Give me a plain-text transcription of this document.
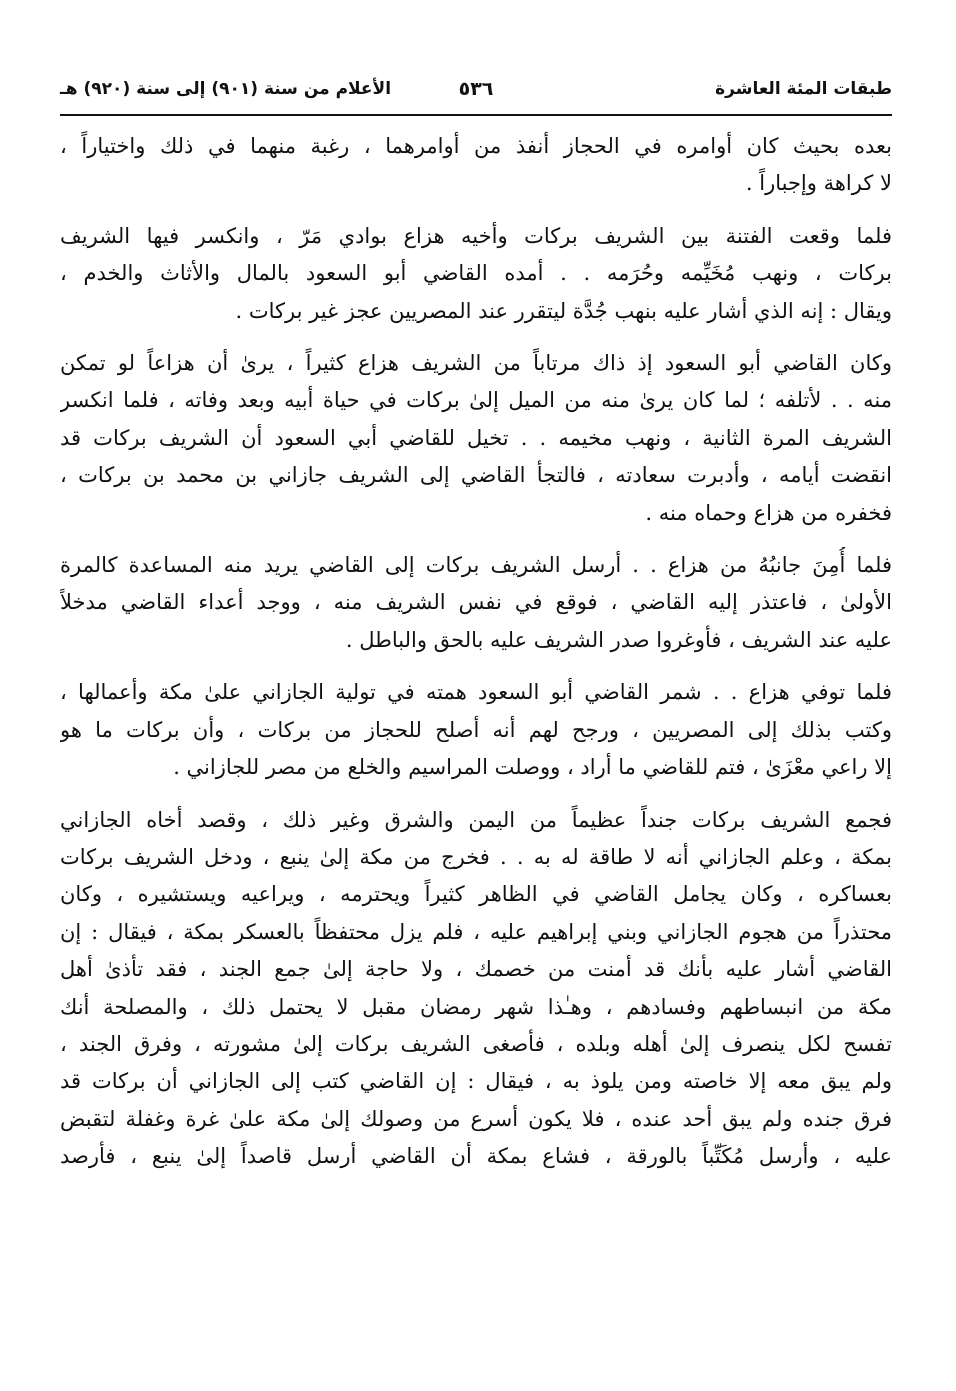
طبقات المئة العاشرة
٥٣٦
الأعلام من سنة (٩٠١) إلى سنة (٩٢٠) هـ
بعده بحيث كان أوامره في الحجاز أنفذ من أوامرهما ، رغبة منهما في ذلك واختياراً ،
لا كراهة وإجباراً .
فلما وقعت الفتنة بين الشريف بركات وأخيه هزاع بوادي مَرّ ، وانكسر فيها الشريف
بركات ، ونهب مُخَيِّمه وحُرَمه . . أمده القاضي أبو السعود بالمال والأثاث والخدم ،
ويقال : إنه الذي أشار عليه بنهب جُدَّة ليتقرر عند المصريين عجز غير بركات .
وكان القاضي أبو السعود إذ ذاك مرتاباً من الشريف هزاع كثيراً ، يرىٰ أن هزاعاً لو تمكن
منه . . لأتلفه ؛ لما كان يرىٰ منه من الميل إلىٰ بركات في حياة أبيه وبعد وفاته ، فلما انكسر
الشريف المرة الثانية ، ونهب مخيمه . . تخيل للقاضي أبي السعود أن الشريف بركات قد
انقضت أيامه ، وأدبرت سعادته ، فالتجأ القاضي إلى الشريف جازاني بن محمد بن بركات ،
فخفره من هزاع وحماه منه .
فلما أُمِنَ جانبُهُ من هزاع . . أرسل الشريف بركات إلى القاضي يريد منه المساعدة كالمرة
الأولىٰ ، فاعتذر إليه القاضي ، فوقع في نفس الشريف منه ، ووجد أعداء القاضي مدخلاً
عليه عند الشريف ، فأوغروا صدر الشريف عليه بالحق والباطل .
فلما توفي هزاع . . شمر القاضي أبو السعود همته في تولية الجازاني علىٰ مكة وأعمالها ،
وكتب بذلك إلى المصريين ، ورجح لهم أنه أصلح للحجاز من بركات ، وأن بركات ما هو
إلا راعي معْزَىٰ ، فتم للقاضي ما أراد ، ووصلت المراسيم والخلع من مصر للجازاني .
فجمع الشريف بركات جنداً عظيماً من اليمن والشرق وغير ذلك ، وقصد أخاه الجازاني
بمكة ، وعلم الجازاني أنه لا طاقة له به . . فخرج من مكة إلىٰ ينبع ، ودخل الشريف بركات
بعساكره ، وكان يجامل القاضي في الظاهر كثيراً ويحترمه ، ويراعيه ويستشيره ، وكان
محتذراً من هجوم الجازاني وبني إبراهيم عليه ، فلم يزل محتفظاً بالعسكر بمكة ، فيقال : إن
القاضي أشار عليه بأنك قد أمنت من خصمك ، ولا حاجة إلىٰ جمع الجند ، فقد تأذىٰ أهل
مكة من انبساطهم وفسادهم ، وهـٰذا شهر رمضان مقبل لا يحتمل ذلك ، والمصلحة أنك
تفسح لكل ينصرف إلىٰ أهله وبلده ، فأصغى الشريف بركات إلىٰ مشورته ، وفرق الجند ،
ولم يبق معه إلا خاصته ومن يلوذ به ، فيقال : إن القاضي كتب إلى الجازاني أن بركات قد
فرق جنده ولم يبق أحد عنده ، فلا يكون أسرع من وصولك إلىٰ مكة علىٰ غرة وغفلة لتقبض
عليه ، وأرسل مُكَتِّباً بالورقة ، فشاع بمكة أن القاضي أرسل قاصداً إلىٰ ينبع ، فأرصد
